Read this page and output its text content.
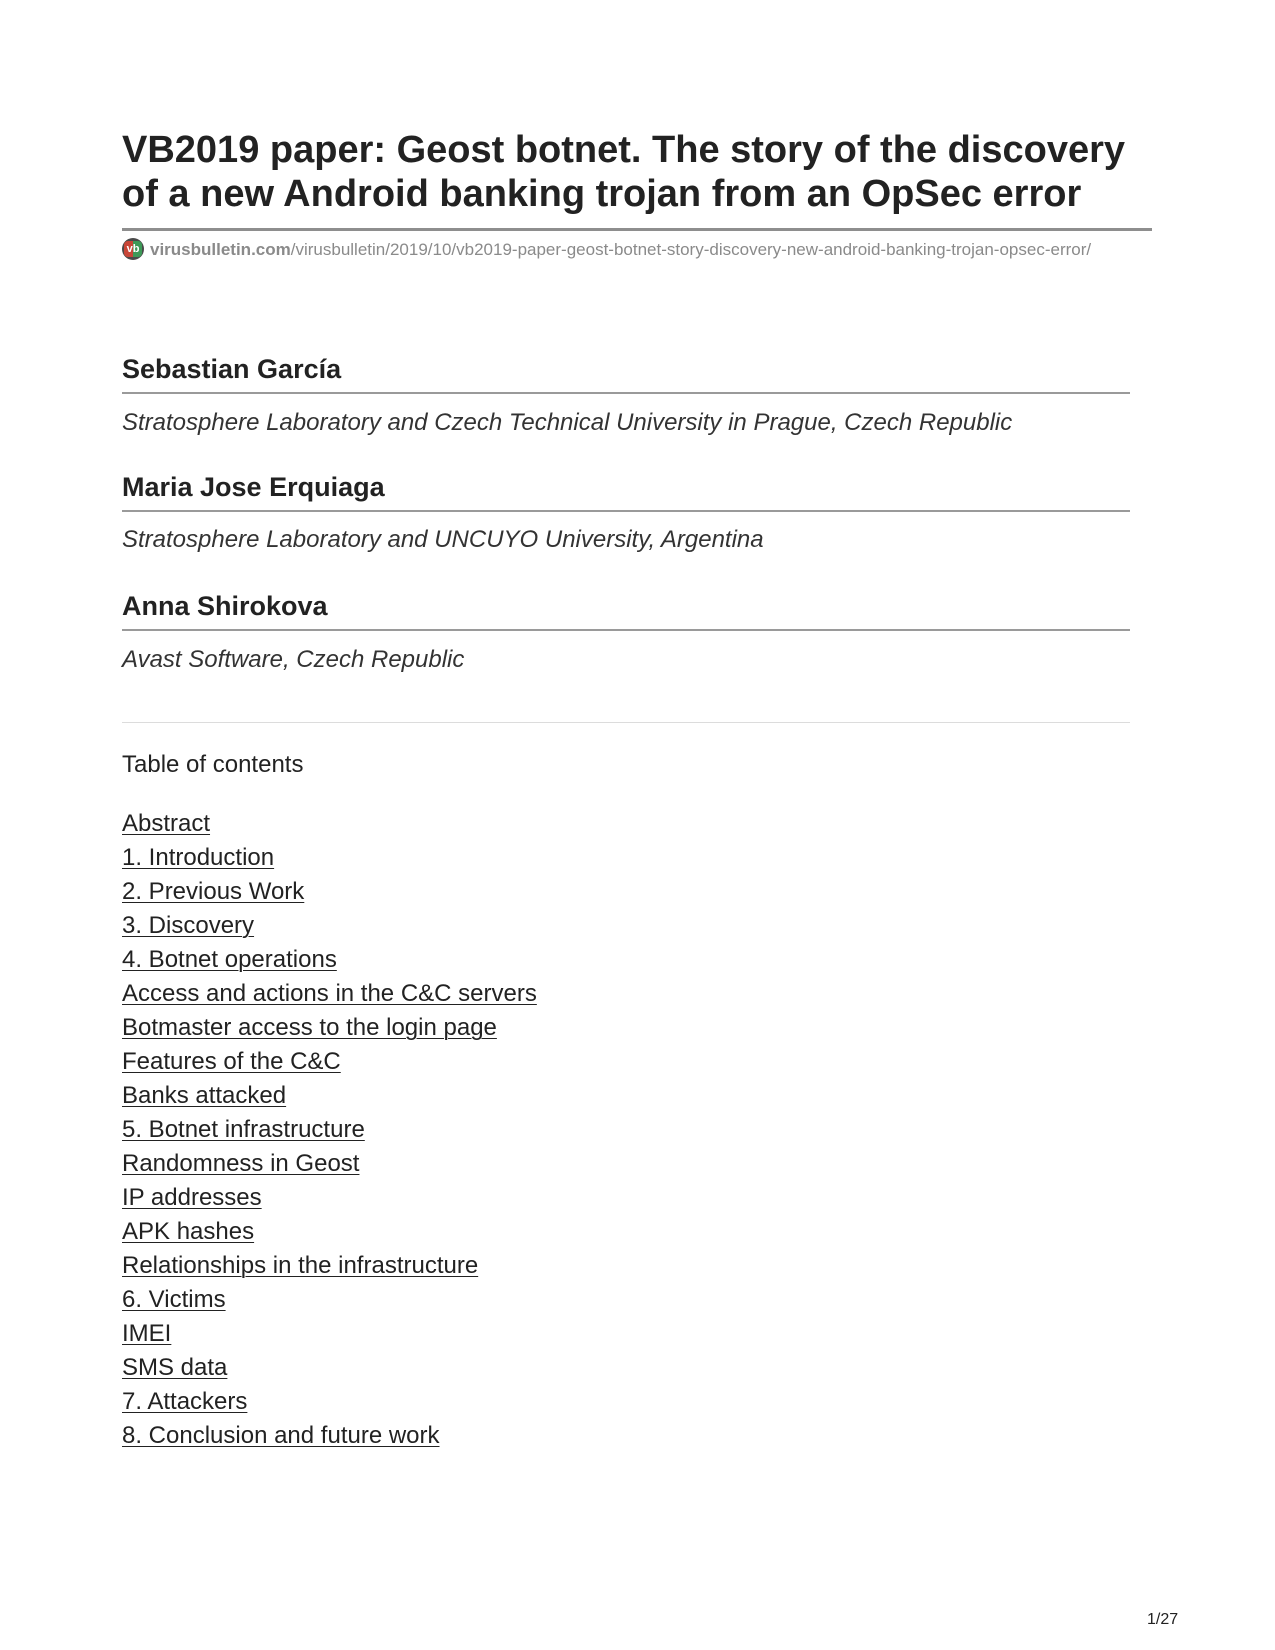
VB2019 paper: Geost botnet. The story of the discovery of a new Android banking trojan from an OpSec error
vb virusbulletin.com/virusbulletin/2019/10/vb2019-paper-geost-botnet-story-discovery-new-android-banking-trojan-opsec-error/
Sebastian García
Stratosphere Laboratory and Czech Technical University in Prague, Czech Republic
Maria Jose Erquiaga
Stratosphere Laboratory and UNCUYO University, Argentina
Anna Shirokova
Avast Software, Czech Republic
Table of contents
Abstract
1. Introduction
2. Previous Work
3. Discovery
4. Botnet operations
Access and actions in the C&C servers
Botmaster access to the login page
Features of the C&C
Banks attacked
5. Botnet infrastructure
Randomness in Geost
IP addresses
APK hashes
Relationships in the infrastructure
6. Victims
IMEI
SMS data
7. Attackers
8. Conclusion and future work
1/27
